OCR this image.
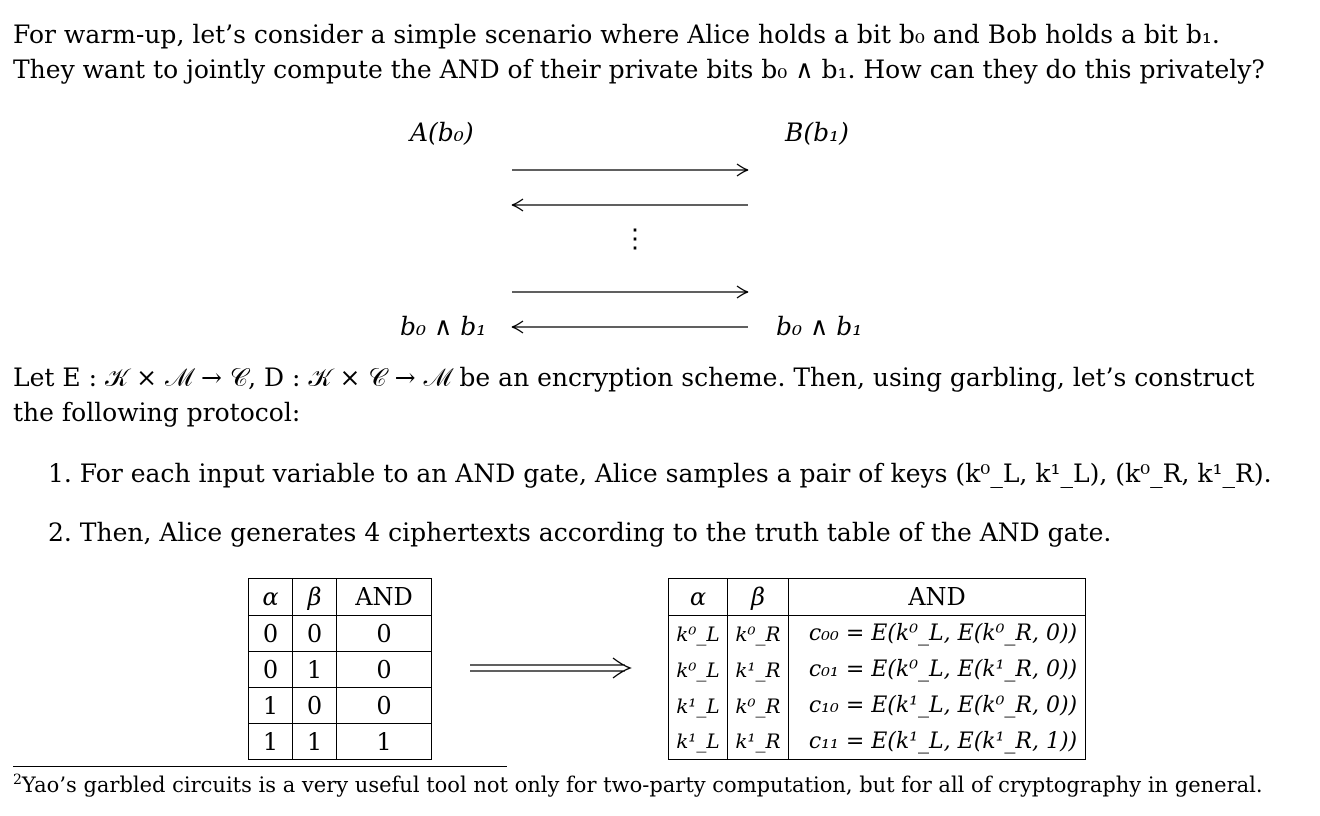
For warm-up, let’s consider a simple scenario where Alice holds a bit b₀ and Bob holds a bit b₁.
They want to jointly compute the AND of their private bits b₀ ∧ b₁. How can they do this privately?
A(b₀)	B(b₁)
⋮
b₀ ∧ b₁	b₀ ∧ b₁
Let E : 𝒦 × ℳ → 𝒞, D : 𝒦 × 𝒞 → ℳ be an encryption scheme. Then, using garbling, let’s construct
the following protocol:
1. For each input variable to an AND gate, Alice samples a pair of keys (k⁰_L, k¹_L), (k⁰_R, k¹_R).
2. Then, Alice generates 4 ciphertexts according to the truth table of the AND gate.
α	β	AND
0	0	0
0	1	0
1	0	0
1	1	1
α	β	AND
k⁰_L	k⁰_R	c₀₀ = E(k⁰_L, E(k⁰_R, 0))
k⁰_L	k¹_R	c₀₁ = E(k⁰_L, E(k¹_R, 0))
k¹_L	k⁰_R	c₁₀ = E(k¹_L, E(k⁰_R, 0))
k¹_L	k¹_R	c₁₁ = E(k¹_L, E(k¹_R, 1))
$^2$Yao’s garbled circuits is a very useful tool not only for two-party computation, but for all of cryptography in general.
